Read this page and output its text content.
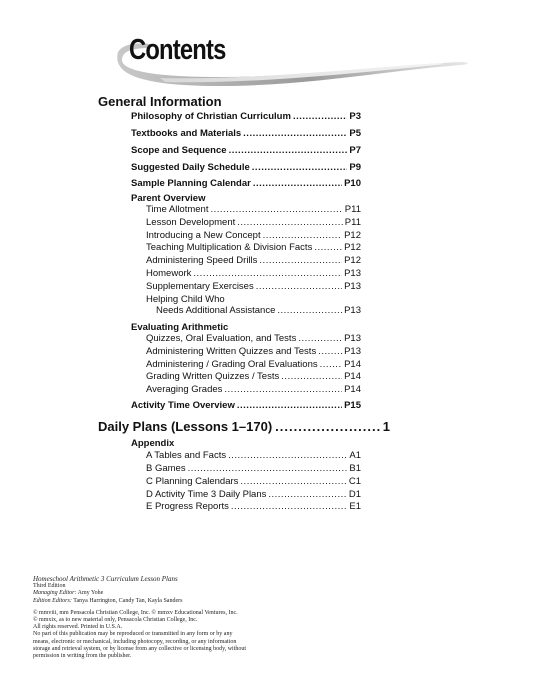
Contents
General Information
Philosophy of Christian Curriculum .....	P3
Textbooks and Materials .....	P5
Scope and Sequence .....	P7
Suggested Daily Schedule .....	P9
Sample Planning Calendar .....	P10
Parent Overview
Time Allotment .....	P11
Lesson Development .....	P11
Introducing a New Concept .....	P12
Teaching Multiplication & Division Facts .....	P12
Administering Speed Drills .....	P12
Homework .....	P13
Supplementary Exercises .....	P13
Helping Child Who
Needs Additional Assistance .....	P13
Evaluating Arithmetic
Quizzes, Oral Evaluation, and Tests .....	P13
Administering Written Quizzes and Tests .....	P13
Administering / Grading Oral Evaluations .....	P14
Grading Written Quizzes / Tests .....	P14
Averaging Grades .....	P14
Activity Time Overview .....	P15
Daily Plans (Lessons 1–170) .....	1
Appendix
A Tables and Facts .....	A1
B Games .....	B1
C Planning Calendars .....	C1
D Activity Time 3 Daily Plans .....	D1
E Progress Reports .....	E1

Homeschool Arithmetic 3 Curriculum Lesson Plans

Third Edition

Managing Editor: Amy Yohe

Edition Editors: Tanya Harrington, Candy Tan, Kayla Sanders

© mmviii, mm Pensacola Christian College, Inc. © mmxv Educational Ventures, Inc.

© mmxix, as to new material only, Pensacola Christian College, Inc.

All rights reserved. Printed in U.S.A.

No part of this publication may be reproduced or transmitted in any form or by any

means, electronic or mechanical, including photocopy, recording, or any information

storage and retrieval system, or by license from any collective or licensing body, without

permission in writing from the publisher.
